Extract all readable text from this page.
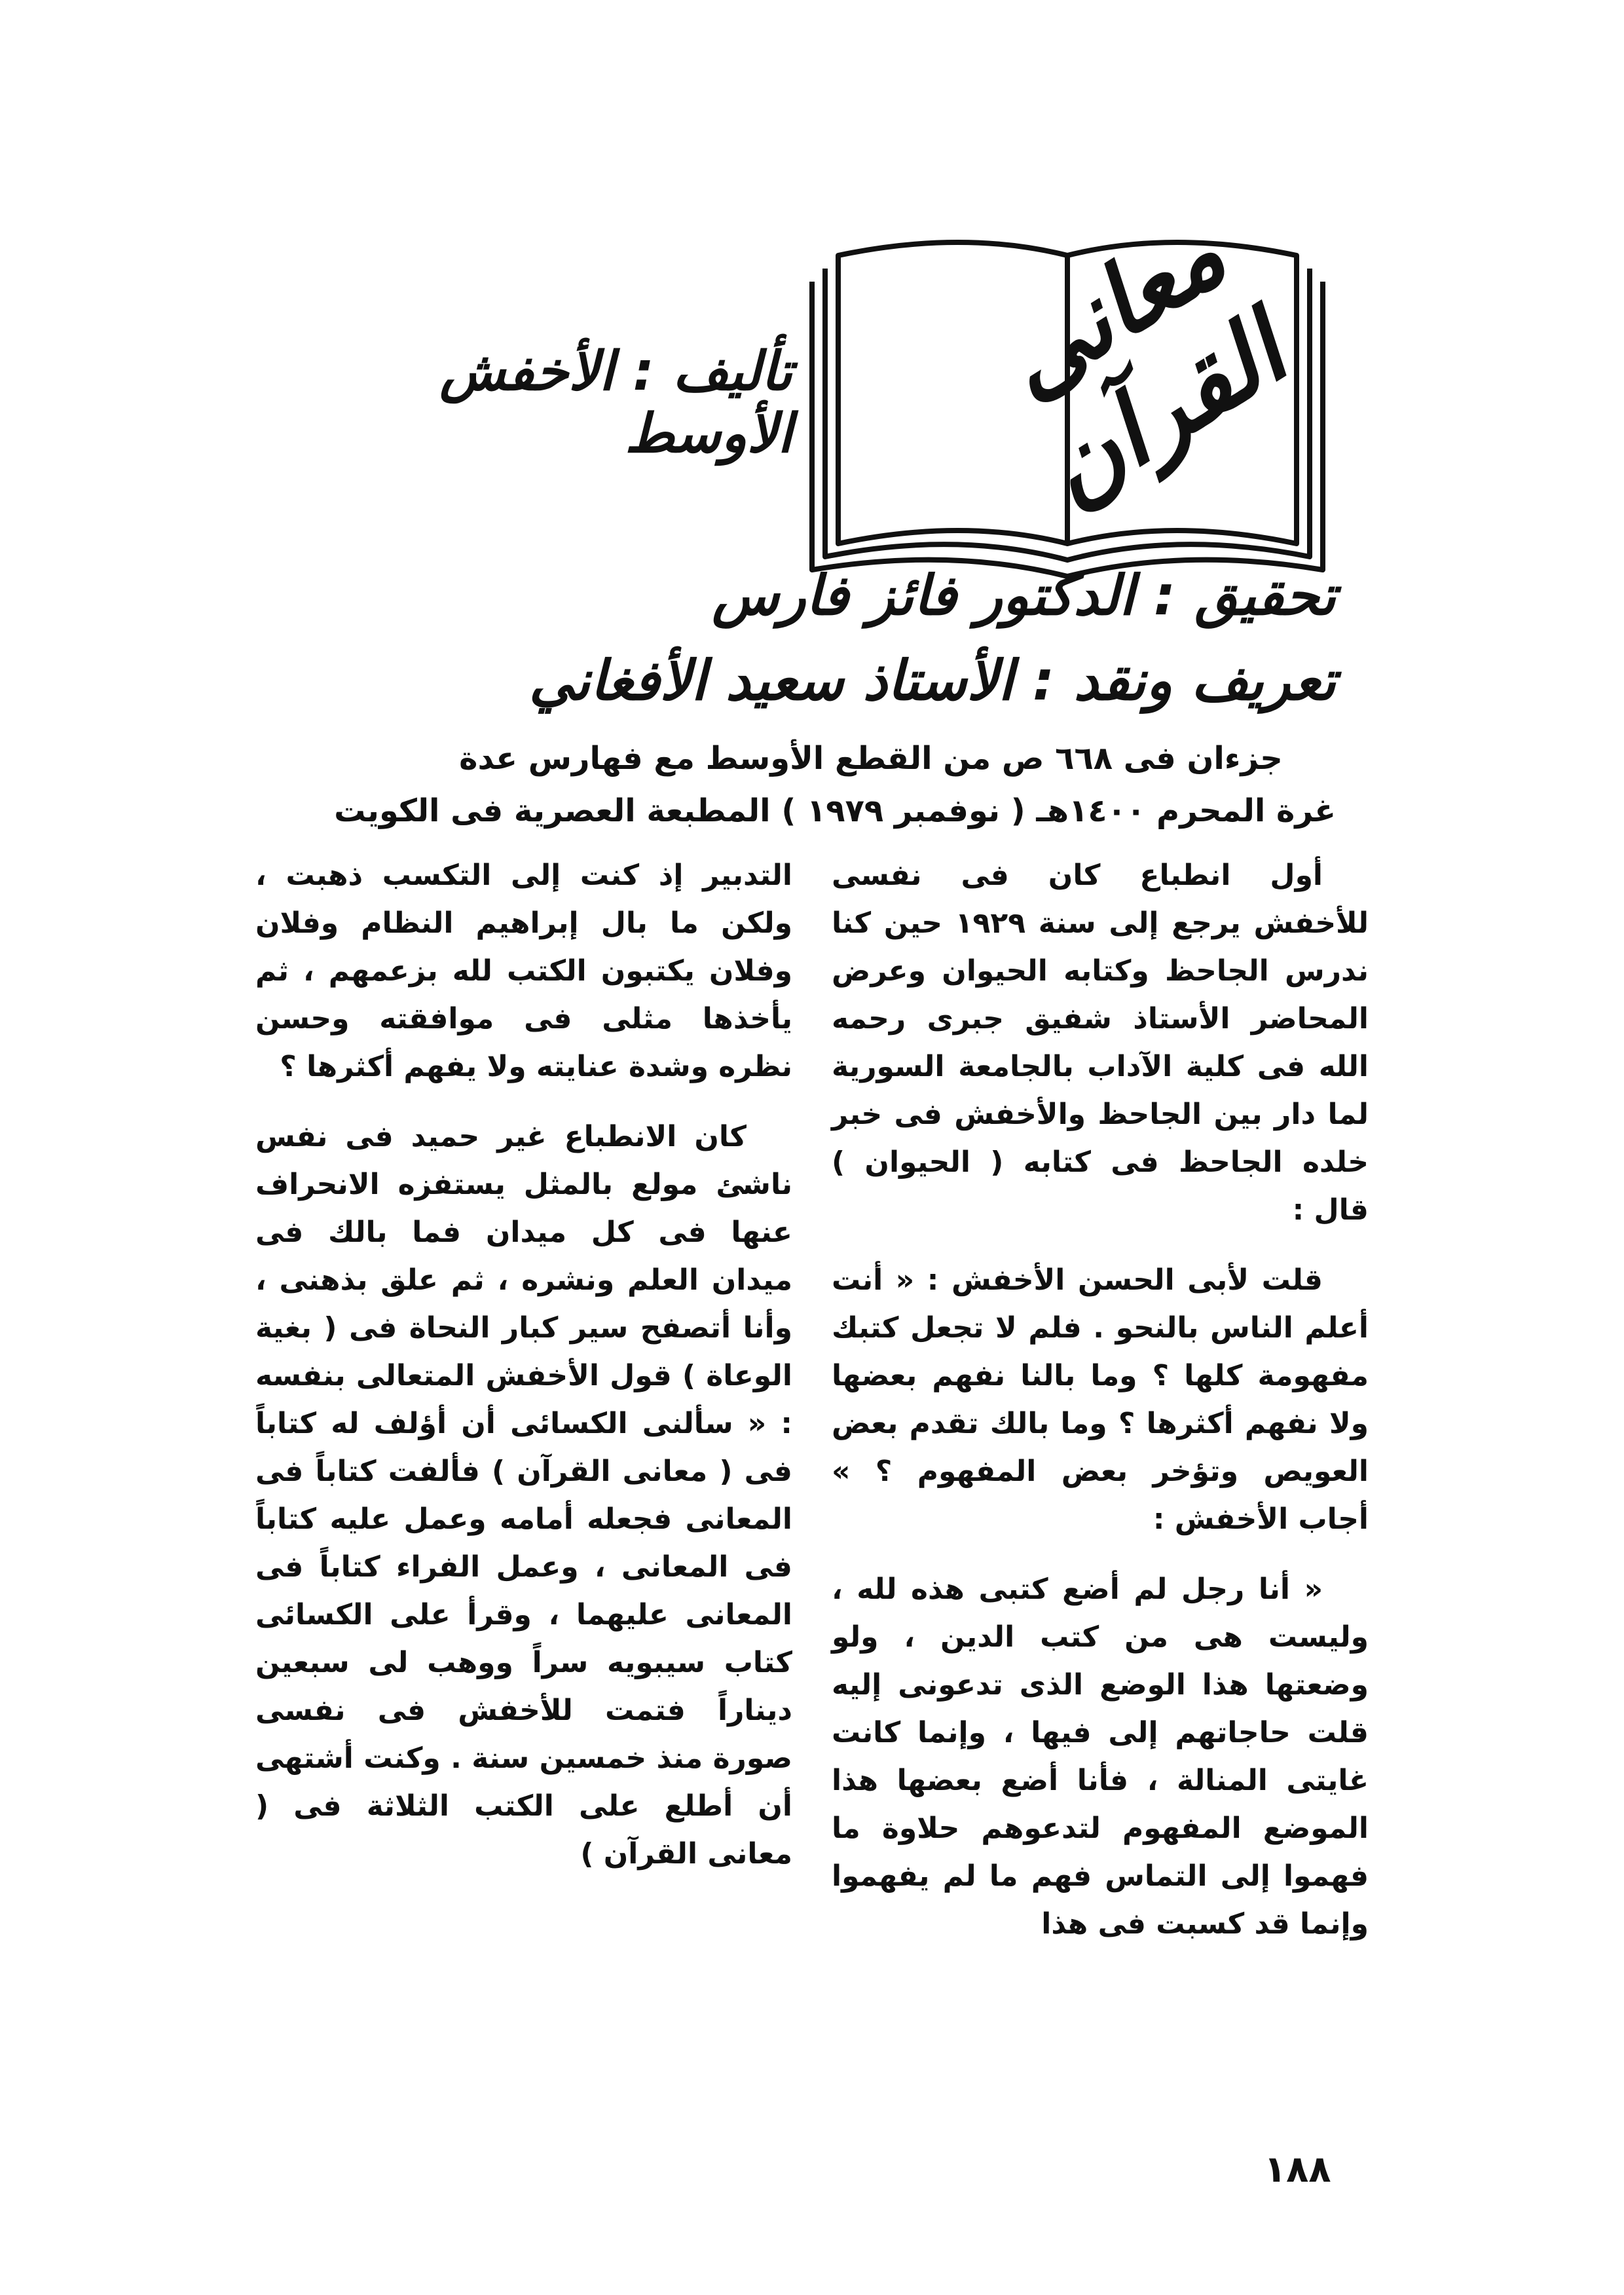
معانى القرآن
تأليف : الأخفش الأوسط
تحقيق : الدكتور فائز فارس
تعريف ونقد : الأستاذ سعيد الأفغاني
جزءان فى ٦٦٨ ص من القطع الأوسط مع فهارس عدة
غرة المحرم ١٤٠٠هـ ( نوفمبر ١٩٧٩ ) المطبعة العصرية فى الكويت

أول انطباع كان فى نفسى للأخفش يرجع إلى سنة ١٩٢٩ حين كنا ندرس الجاحظ وكتابه الحيوان وعرض المحاضر الأستاذ شفيق جبرى رحمه الله فى كلية الآداب بالجامعة السورية لما دار بين الجاحظ والأخفش فى خبر خلده الجاحظ فى كتابه ( الحيوان ) قال :

قلت لأبى الحسن الأخفش : « أنت أعلم الناس بالنحو . فلم لا تجعل كتبك مفهومة كلها ؟ وما بالنا نفهم بعضها ولا نفهم أكثرها ؟ وما بالك تقدم بعض العويص وتؤخر بعض المفهوم ؟ » أجاب الأخفش :

« أنا رجل لم أضع كتبى هذه لله ، وليست هى من كتب الدين ، ولو وضعتها هذا الوضع الذى تدعونى إليه قلت حاجاتهم إلى فيها ، وإنما كانت غايتى المنالة ، فأنا أضع بعضها هذا الموضع المفهوم لتدعوهم حلاوة ما فهموا إلى التماس فهم ما لم يفهموا وإنما قد كسبت فى هذا

التدبير إذ كنت إلى التكسب ذهبت ، ولكن ما بال إبراهيم النظام وفلان وفلان يكتبون الكتب لله بزعمهم ، ثم يأخذها مثلى فى موافقته وحسن نظره وشدة عنايته ولا يفهم أكثرها ؟

كان الانطباع غير حميد فى نفس ناشئ مولع بالمثل يستفزه الانحراف عنها فى كل ميدان فما بالك فى ميدان العلم ونشره ، ثم علق بذهنى ، وأنا أتصفح سير كبار النحاة فى ( بغية الوعاة ) قول الأخفش المتعالى بنفسه : « سألنى الكسائى أن أؤلف له كتاباً فى ( معانى القرآن ) فألفت كتاباً فى المعانى فجعله أمامه وعمل عليه كتاباً فى المعانى ، وعمل الفراء كتاباً فى المعانى عليهما ، وقرأ على الكسائى كتاب سيبويه سراً ووهب لى سبعين ديناراً فتمت للأخفش فى نفسى صورة منذ خمسين سنة . وكنت أشتهى أن أطلع على الكتب الثلاثة فى ( معانى القرآن )

١٨٨
